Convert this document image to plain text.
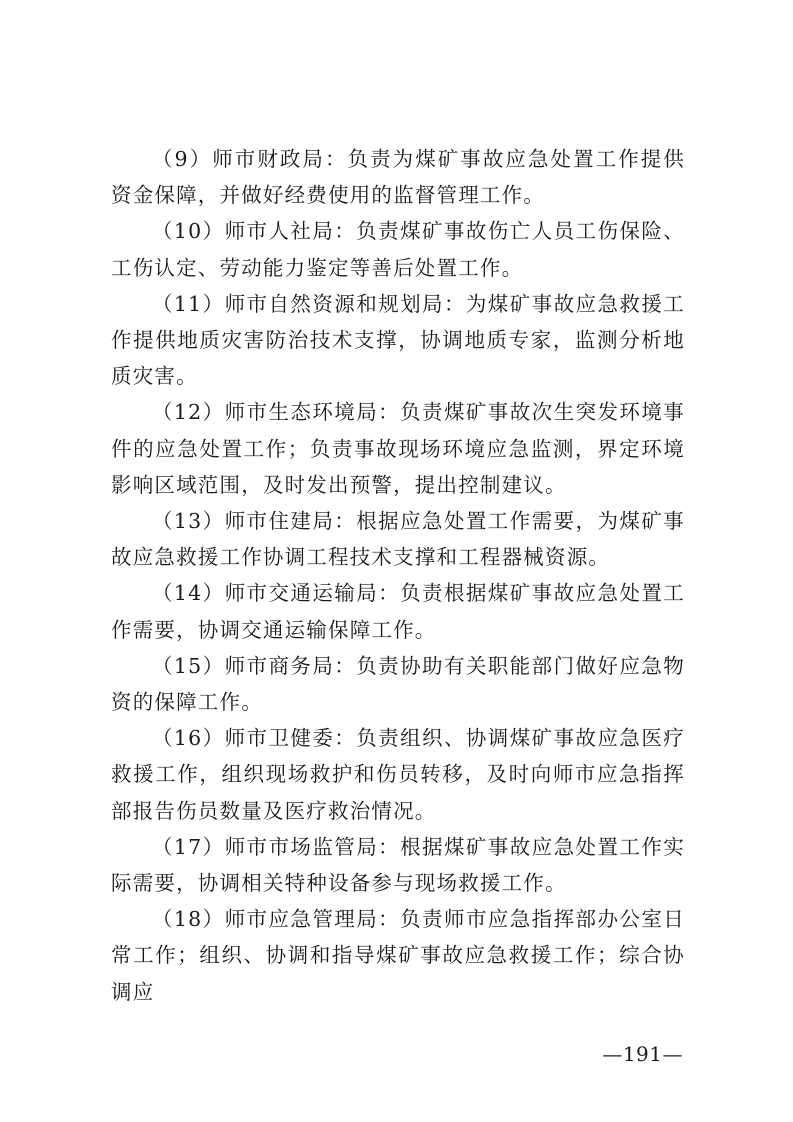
（9）师市财政局：负责为煤矿事故应急处置工作提供资金保障，并做好经费使用的监督管理工作。

（10）师市人社局：负责煤矿事故伤亡人员工伤保险、工伤认定、劳动能力鉴定等善后处置工作。

（11）师市自然资源和规划局：为煤矿事故应急救援工作提供地质灾害防治技术支撑，协调地质专家，监测分析地质灾害。

（12）师市生态环境局：负责煤矿事故次生突发环境事件的应急处置工作；负责事故现场环境应急监测，界定环境影响区域范围，及时发出预警，提出控制建议。

（13）师市住建局：根据应急处置工作需要，为煤矿事故应急救援工作协调工程技术支撑和工程器械资源。

（14）师市交通运输局：负责根据煤矿事故应急处置工作需要，协调交通运输保障工作。

（15）师市商务局：负责协助有关职能部门做好应急物资的保障工作。

（16）师市卫健委：负责组织、协调煤矿事故应急医疗救援工作，组织现场救护和伤员转移，及时向师市应急指挥部报告伤员数量及医疗救治情况。

（17）师市市场监管局：根据煤矿事故应急处置工作实际需要，协调相关特种设备参与现场救援工作。

（18）师市应急管理局：负责师市应急指挥部办公室日常工作；组织、协调和指导煤矿事故应急救援工作；综合协调应

—191—
